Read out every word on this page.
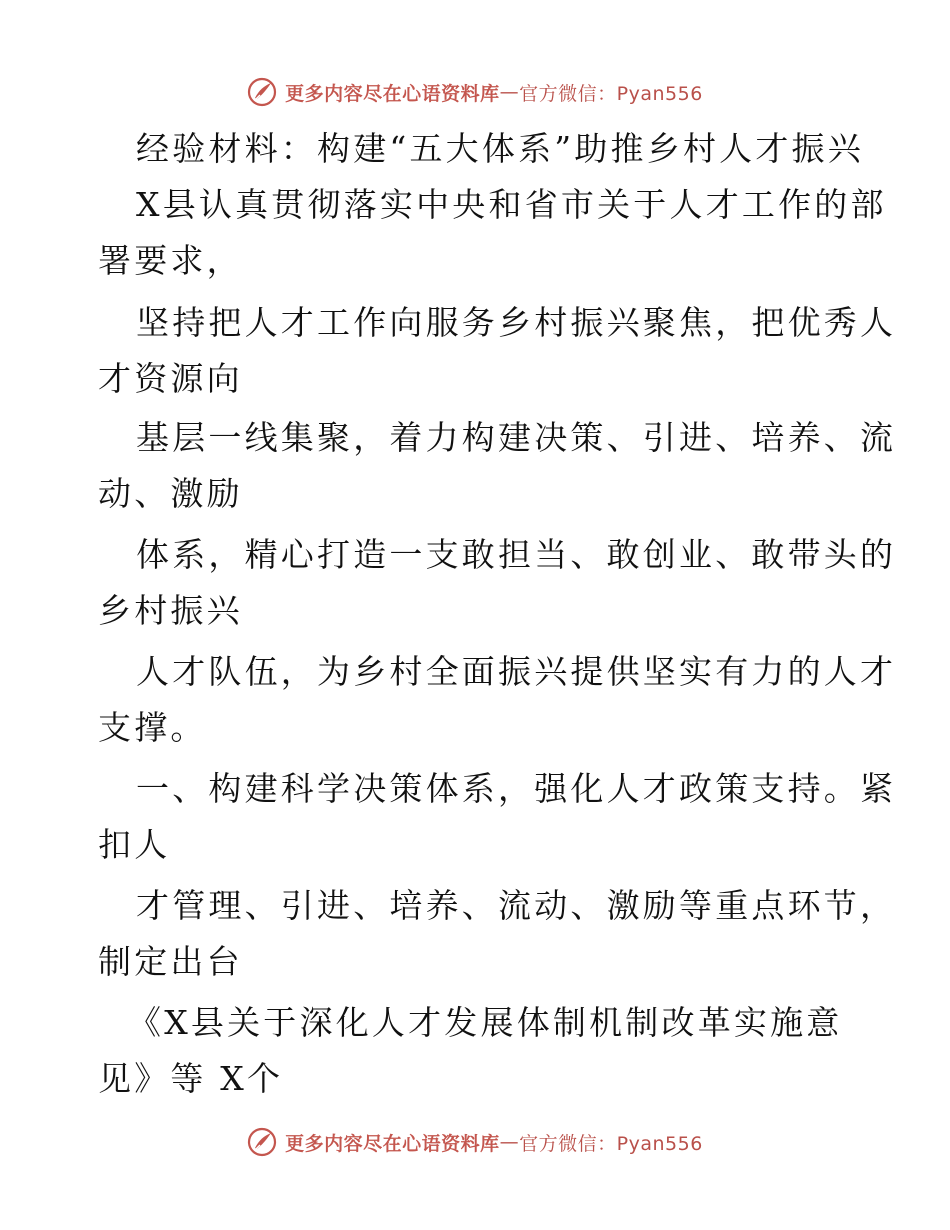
更多内容尽在心语资料库 — 官方微信：Pyan556
经验材料：构建“五大体系”助推乡村人才振兴
X县认真贯彻落实中央和省市关于人才工作的部
署要求，
坚持把人才工作向服务乡村振兴聚焦，把优秀人
才资源向
基层一线集聚，着力构建决策、引进、培养、流
动、激励
体系，精心打造一支敢担当、敢创业、敢带头的
乡村振兴
人才队伍，为乡村全面振兴提供坚实有力的人才
支撑。
一、构建科学决策体系，强化人才政策支持。紧
扣人
才管理、引进、培养、流动、激励等重点环节，
制定出台
《X县关于深化人才发展体制机制改革实施意
见》等 X个
更多内容尽在心语资料库 — 官方微信：Pyan556
